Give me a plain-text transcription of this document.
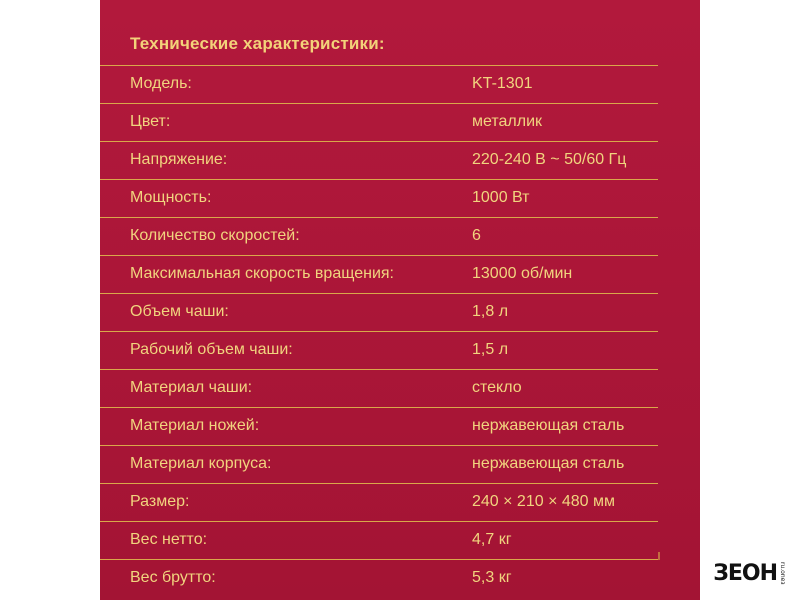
Технические характеристики:
Модель:	KT-1301
Цвет:	металлик
Напряжение:	220-240 В ~ 50/60 Гц
Мощность:	1000 Вт
Количество скоростей:	6
Максимальная скорость вращения:	13000 об/мин
Объем чаши:	1,8 л
Рабочий объем чаши:	1,5 л
Материал чаши:	стекло
Материал ножей:	нержавеющая сталь
Материал корпуса:	нержавеющая сталь
Размер:	240 × 210 × 480 мм
Вес нетто:	4,7 кг
Вес брутто:	5,3 кг	ЗЕОН ru.oneз
